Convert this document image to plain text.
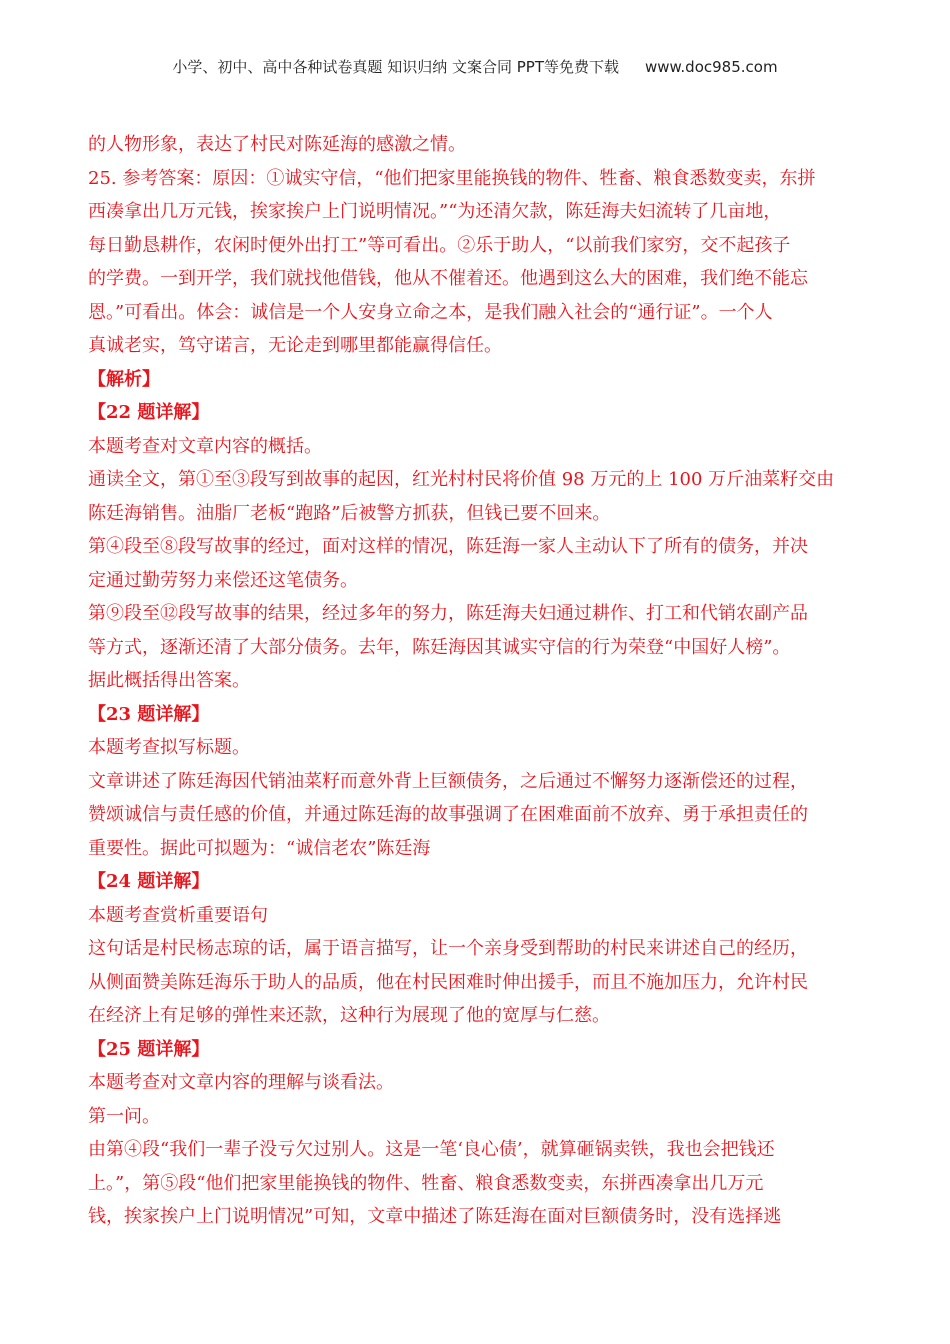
小学、初中、高中各种试卷真题 知识归纳 文案合同 PPT等免费下载 www.doc985.com
的人物形象，表达了村民对陈延海的感激之情。
25. 参考答案：原因：①诚实守信，“他们把家里能换钱的物件、牲畜、粮食悉数变卖，东拼
西凑拿出几万元钱，挨家挨户上门说明情况。”“为还清欠款，陈廷海夫妇流转了几亩地，
每日勤恳耕作，农闲时便外出打工”等可看出。②乐于助人，“以前我们家穷，交不起孩子
的学费。一到开学，我们就找他借钱，他从不催着还。他遇到这么大的困难，我们绝不能忘
恩。”可看出。体会：诚信是一个人安身立命之本，是我们融入社会的“通行证”。一个人
真诚老实，笃守诺言，无论走到哪里都能赢得信任。
【解析】
【22 题详解】
本题考查对文章内容的概括。
通读全文，第①至③段写到故事的起因，红光村村民将价值 98 万元的上 100 万斤油菜籽交由
陈廷海销售。油脂厂老板“跑路”后被警方抓获，但钱已要不回来。
第④段至⑧段写故事的经过，面对这样的情况，陈廷海一家人主动认下了所有的债务，并决
定通过勤劳努力来偿还这笔债务。
第⑨段至⑫段写故事的结果，经过多年的努力，陈廷海夫妇通过耕作、打工和代销农副产品
等方式，逐渐还清了大部分债务。去年，陈廷海因其诚实守信的行为荣登“中国好人榜”。
据此概括得出答案。
【23 题详解】
本题考查拟写标题。
文章讲述了陈廷海因代销油菜籽而意外背上巨额债务，之后通过不懈努力逐渐偿还的过程，
赞颂诚信与责任感的价值，并通过陈廷海的故事强调了在困难面前不放弃、勇于承担责任的
重要性。据此可拟题为：“诚信老农”陈廷海
【24 题详解】
本题考查赏析重要语句
这句话是村民杨志琼的话，属于语言描写，让一个亲身受到帮助的村民来讲述自己的经历，
从侧面赞美陈廷海乐于助人的品质，他在村民困难时伸出援手，而且不施加压力，允许村民
在经济上有足够的弹性来还款，这种行为展现了他的宽厚与仁慈。
【25 题详解】
本题考查对文章内容的理解与谈看法。
第一问。
由第④段“我们一辈子没亏欠过别人。这是一笔‘良心债’，就算砸锅卖铁，我也会把钱还
上。”，第⑤段“他们把家里能换钱的物件、牲畜、粮食悉数变卖，东拼西凑拿出几万元
钱，挨家挨户上门说明情况”可知，文章中描述了陈廷海在面对巨额债务时，没有选择逃
